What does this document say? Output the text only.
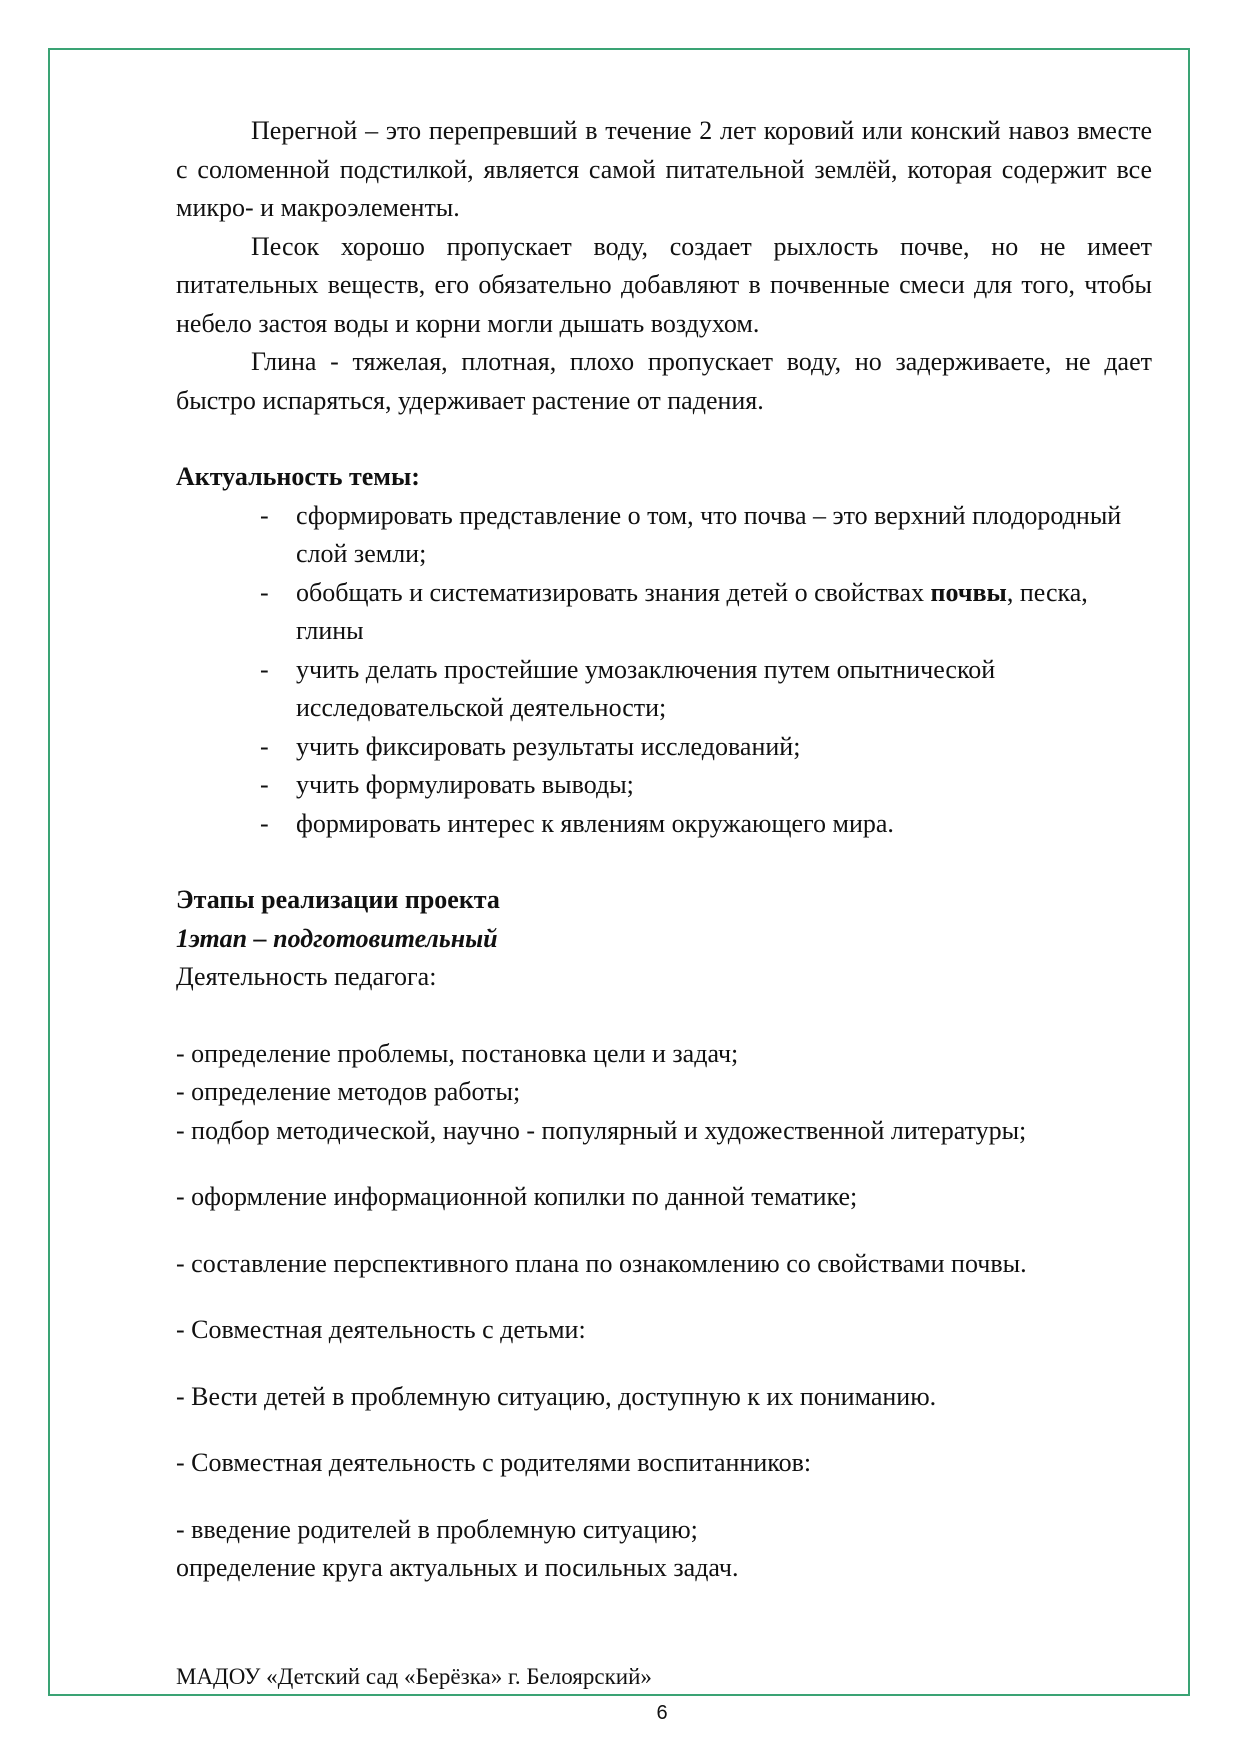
Перегной – это перепревший в течение 2 лет коровий или конский навоз вместе с соломенной подстилкой, является самой питательной землёй, которая содержит все микро- и макроэлементы.

Песок хорошо пропускает воду, создает рыхлость почве, но не имеет питательных веществ, его обязательно добавляют в почвенные смеси для того, чтобы небело застоя воды и корни могли дышать воздухом.

Глина - тяжелая, плотная, плохо пропускает воду, но задерживаете, не дает быстро испаряться, удерживает растение от падения.

Актуальность темы:

- сформировать представление о том, что почва – это верхний плодородный слой земли;
- обобщать и систематизировать знания детей о свойствах почвы, песка, глины
- учить делать простейшие умозаключения путем опытнической исследовательской деятельности;
- учить фиксировать результаты исследований;
- учить формулировать выводы;
- формировать интерес к явлениям окружающего мира.

Этапы реализации проекта

1этап – подготовительный

Деятельность педагога:

- определение проблемы, постановка цели и задач;

- определение методов работы;

- подбор методической, научно - популярный и художественной литературы;

- оформление информационной копилки по данной тематике;

- составление перспективного плана по ознакомлению со свойствами почвы.

- Совместная деятельность с детьми:

- Вести детей в проблемную ситуацию, доступную к их пониманию.

- Совместная деятельность с родителями воспитанников:

- введение родителей в проблемную ситуацию;

определение круга актуальных и посильных задач.

МАДОУ «Детский сад «Берёзка» г. Белоярский»

6
